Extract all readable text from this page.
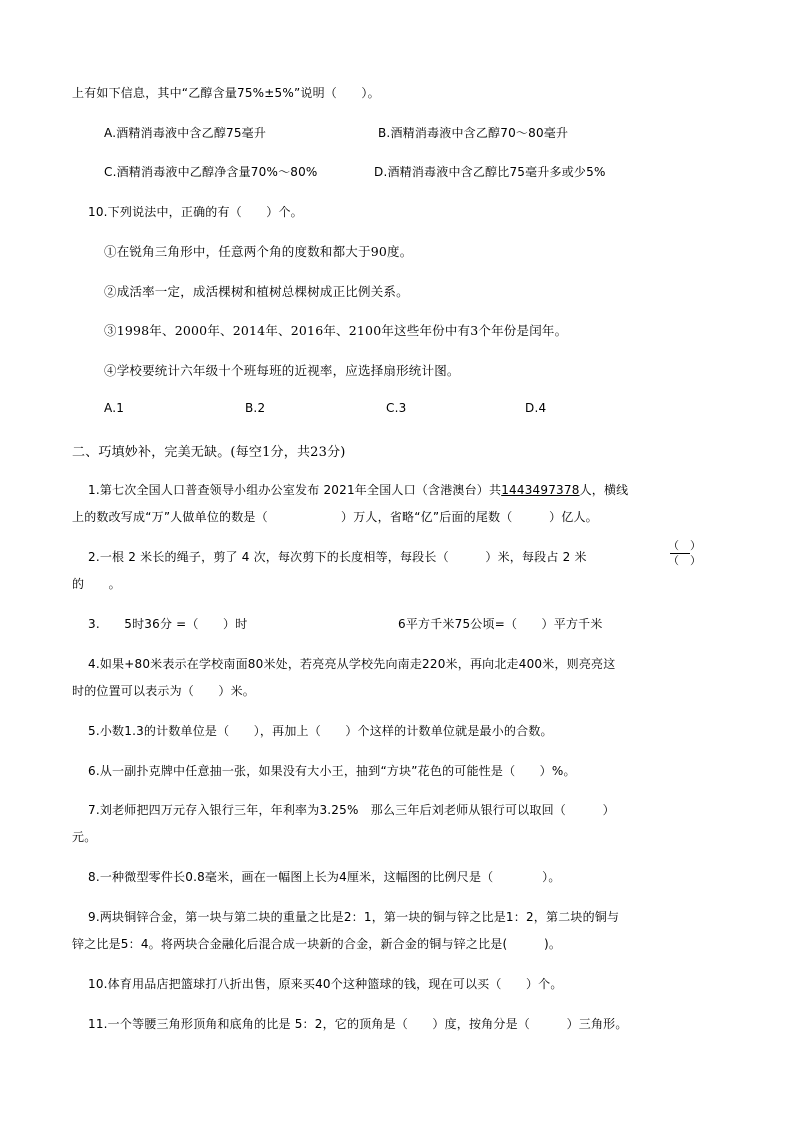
上有如下信息，其中“乙醇含量75%±5%”说明（　　）。
A.酒精消毒液中含乙醇75毫升	B.酒精消毒液中含乙醇70～80毫升
C.酒精消毒液中乙醇净含量70%～80%	D.酒精消毒液中含乙醇比75毫升多或少5%
10.下列说法中，正确的有（　　）个。
①在锐角三角形中，任意两个角的度数和都大于90度。
②成活率一定，成活棵树和植树总棵树成正比例关系。
③1998年、2000年、2014年、2016年、2100年这些年份中有3个年份是闰年。
④学校要统计六年级十个班每班的近视率，应选择扇形统计图。
A.1	B.2	C.3	D.4
二、巧填妙补，完美无缺。(每空1分，共23分)
1.第七次全国人口普查领导小组办公室发布 2021年全国人口（含港澳台）共1443497378人，横线
上的数改写成“万”人做单位的数是（　　　　　　）万人，省略“亿”后面的尾数（　　　）亿人。
2.一根 2 米长的绳子，剪了 4 次，每次剪下的长度相等，每段长（　　　）米，每段占 2 米
（　）
（　）
的　　。
3.　　5时36分 =（　　）时	6平方千米75公顷=（　　）平方千米
4.如果+80米表示在学校南面80米处，若亮亮从学校先向南走220米，再向北走400米，则亮亮这
时的位置可以表示为（　　）米。
5.小数1.3的计数单位是（　　），再加上（　　）个这样的计数单位就是最小的合数。
6.从一副扑克牌中任意抽一张，如果没有大小王，抽到“方块”花色的可能性是（　　）%。
7.刘老师把四万元存入银行三年，年利率为3.25%　那么三年后刘老师从银行可以取回（　　　）
元。
8.一种微型零件长0.8毫米，画在一幅图上长为4厘米，这幅图的比例尺是（　　　　）。
9.两块铜锌合金，第一块与第二块的重量之比是2：1，第一块的铜与锌之比是1：2，第二块的铜与
锌之比是5：4。将两块合金融化后混合成一块新的合金，新合金的铜与锌之比是(　　　)。
10.体育用品店把篮球打八折出售，原来买40个这种篮球的钱，现在可以买（　　）个。
11.一个等腰三角形顶角和底角的比是 5：2，它的顶角是（　　）度，按角分是（　　　）三角形。
